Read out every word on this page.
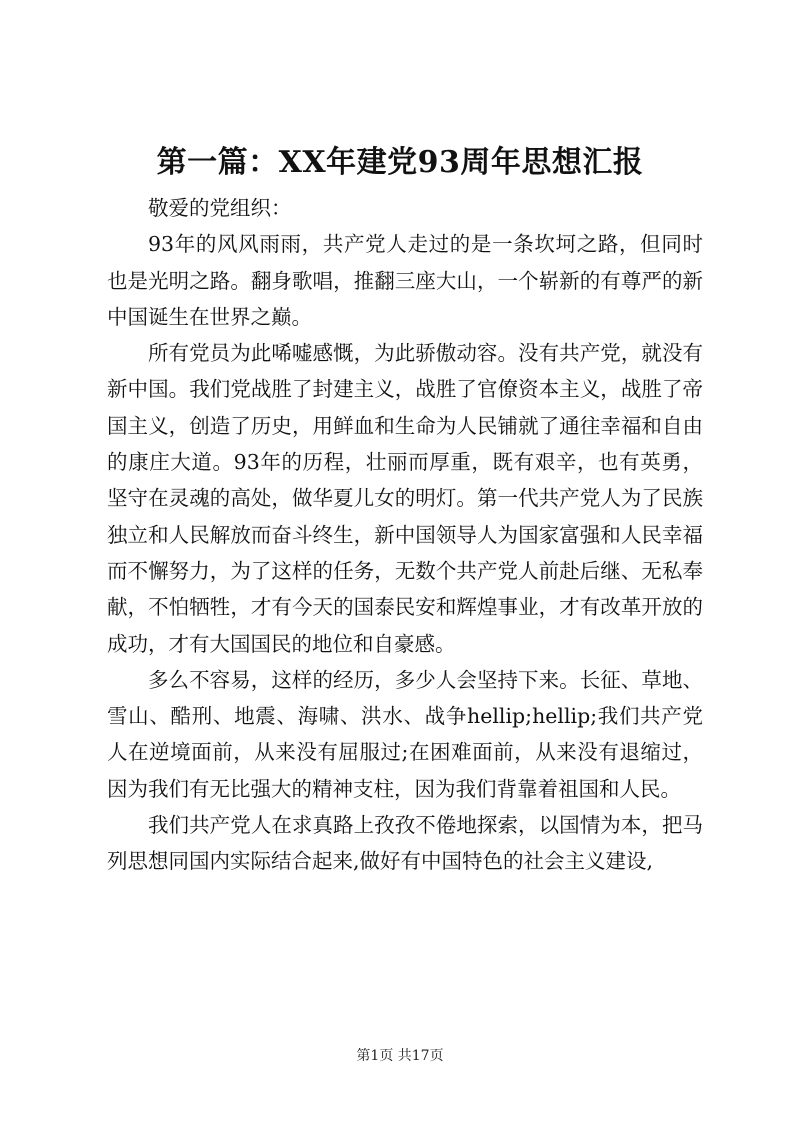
第一篇：XX年建党93周年思想汇报

敬爱的党组织：

93年的风风雨雨，共产党人走过的是一条坎坷之路，但同时也是光明之路。翻身歌唱，推翻三座大山，一个崭新的有尊严的新中国诞生在世界之巅。

所有党员为此唏嘘感慨，为此骄傲动容。没有共产党，就没有新中国。我们党战胜了封建主义，战胜了官僚资本主义，战胜了帝国主义，创造了历史，用鲜血和生命为人民铺就了通往幸福和自由的康庄大道。93年的历程，壮丽而厚重，既有艰辛，也有英勇，坚守在灵魂的高处，做华夏儿女的明灯。第一代共产党人为了民族独立和人民解放而奋斗终生，新中国领导人为国家富强和人民幸福而不懈努力，为了这样的任务，无数个共产党人前赴后继、无私奉献，不怕牺牲，才有今天的国泰民安和辉煌事业，才有改革开放的成功，才有大国国民的地位和自豪感。

多么不容易，这样的经历，多少人会坚持下来。长征、草地、雪山、酷刑、地震、海啸、洪水、战争hellip;hellip;我们共产党人在逆境面前，从来没有屈服过;在困难面前，从来没有退缩过，因为我们有无比强大的精神支柱，因为我们背靠着祖国和人民。

我们共产党人在求真路上孜孜不倦地探索，以国情为本，把马列思想同国内实际结合起来,做好有中国特色的社会主义建设,

第1页 共17页
